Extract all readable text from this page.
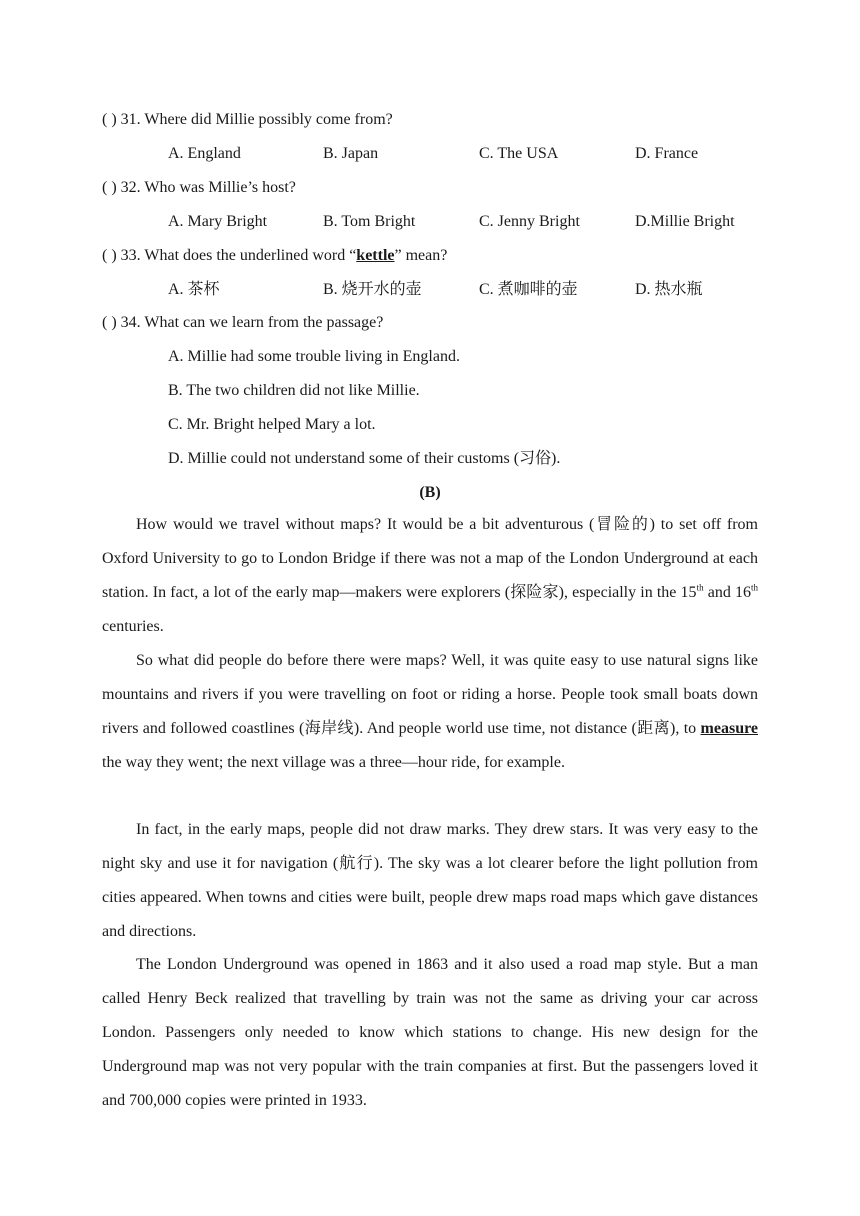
( ) 31. Where did Millie possibly come from?
A. England	B. Japan	C. The USA	D. France
( ) 32. Who was Millie’s host?
A. Mary Bright	B. Tom Bright	C. Jenny Bright	D.Millie Bright
( ) 33. What does the underlined word “kettle” mean?
A. 茶杯	B. 烧开水的壶	C. 煮咖啡的壶	D. 热水瓶
( ) 34. What can we learn from the passage?
A. Millie had some trouble living in England.
B. The two children did not like Millie.
C. Mr. Bright helped Mary a lot.
D. Millie could not understand some of their customs (习俗).
(B)
How would we travel without maps? It would be a bit adventurous (冒险的) to set off from Oxford University to go to London Bridge if there was not a map of the London Underground at each station. In fact, a lot of the early map—makers were explorers (探险家), especially in the 15th and 16th centuries.
So what did people do before there were maps? Well, it was quite easy to use natural signs like mountains and rivers if you were travelling on foot or riding a horse. People took small boats down rivers and followed coastlines (海岸线). And people world use time, not distance (距离), to measure the way they went; the next village was a three—hour ride, for example.
In fact, in the early maps, people did not draw marks. They drew stars. It was very easy to the night sky and use it for navigation (航行). The sky was a lot clearer before the light pollution from cities appeared. When towns and cities were built, people drew maps road maps which gave distances and directions.
The London Underground was opened in 1863 and it also used a road map style. But a man called Henry Beck realized that travelling by train was not the same as driving your car across London. Passengers only needed to know which stations to change. His new design for the Underground map was not very popular with the train companies at first. But the passengers loved it and 700,000 copies were printed in 1933.
